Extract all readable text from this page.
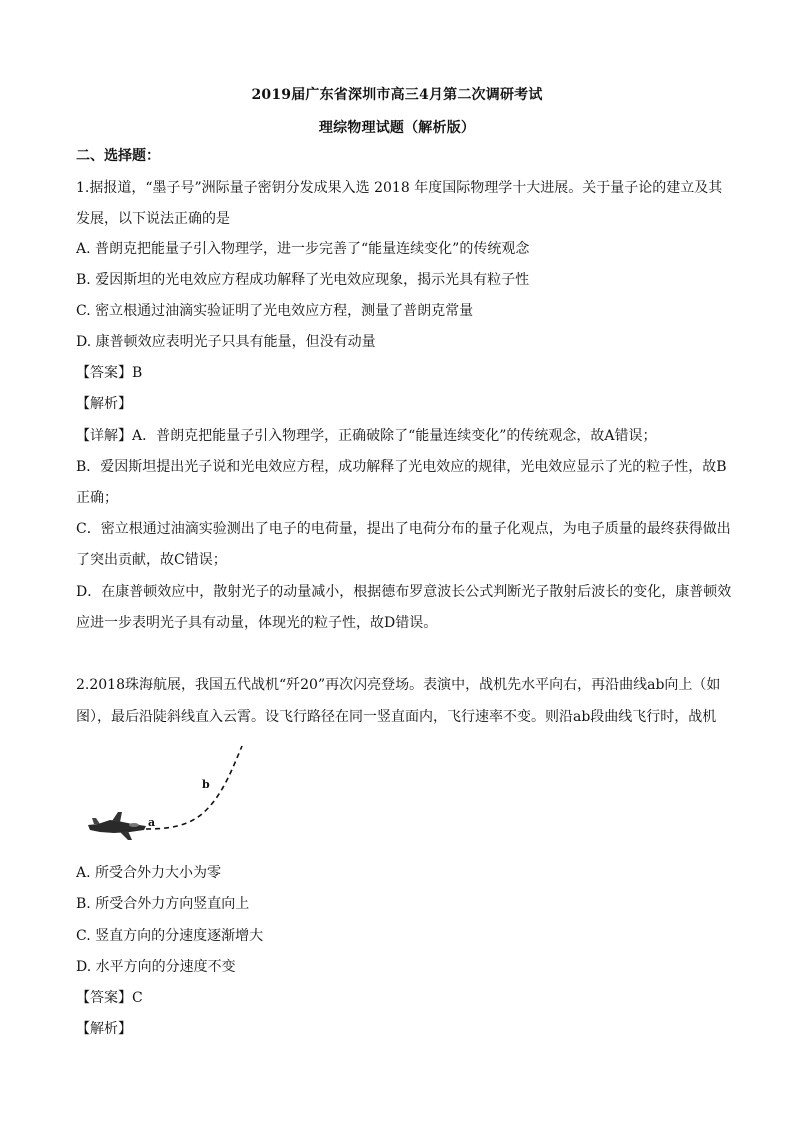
2019届广东省深圳市高三4月第二次调研考试
理综物理试题（解析版）
二、选择题：
1.据报道，“墨子号”洲际量子密钥分发成果入选 2018 年度国际物理学十大进展。关于量子论的建立及其
发展，以下说法正确的是
A. 普朗克把能量子引入物理学，进一步完善了“能量连续变化”的传统观念
B. 爱因斯坦的光电效应方程成功解释了光电效应现象，揭示光具有粒子性
C. 密立根通过油滴实验证明了光电效应方程，测量了普朗克常量
D. 康普顿效应表明光子只具有能量，但没有动量
【答案】B
【解析】
【详解】A．普朗克把能量子引入物理学，正确破除了“能量连续变化”的传统观念，故A错误；
B．爱因斯坦提出光子说和光电效应方程，成功解释了光电效应的规律，光电效应显示了光的粒子性，故B
正确；
C．密立根通过油滴实验测出了电子的电荷量，提出了电荷分布的量子化观点，为电子质量的最终获得做出
了突出贡献，故C错误；
D．在康普顿效应中，散射光子的动量减小，根据德布罗意波长公式判断光子散射后波长的变化，康普顿效
应进一步表明光子具有动量，体现光的粒子性，故D错误。
2.2018珠海航展，我国五代战机“歼20”再次闪亮登场。表演中，战机先水平向右，再沿曲线ab向上（如
图），最后沿陡斜线直入云霄。设飞行路径在同一竖直面内，飞行速率不变。则沿ab段曲线飞行时，战机
a
b
A. 所受合外力大小为零
B. 所受合外力方向竖直向上
C. 竖直方向的分速度逐渐增大
D. 水平方向的分速度不变
【答案】C
【解析】
